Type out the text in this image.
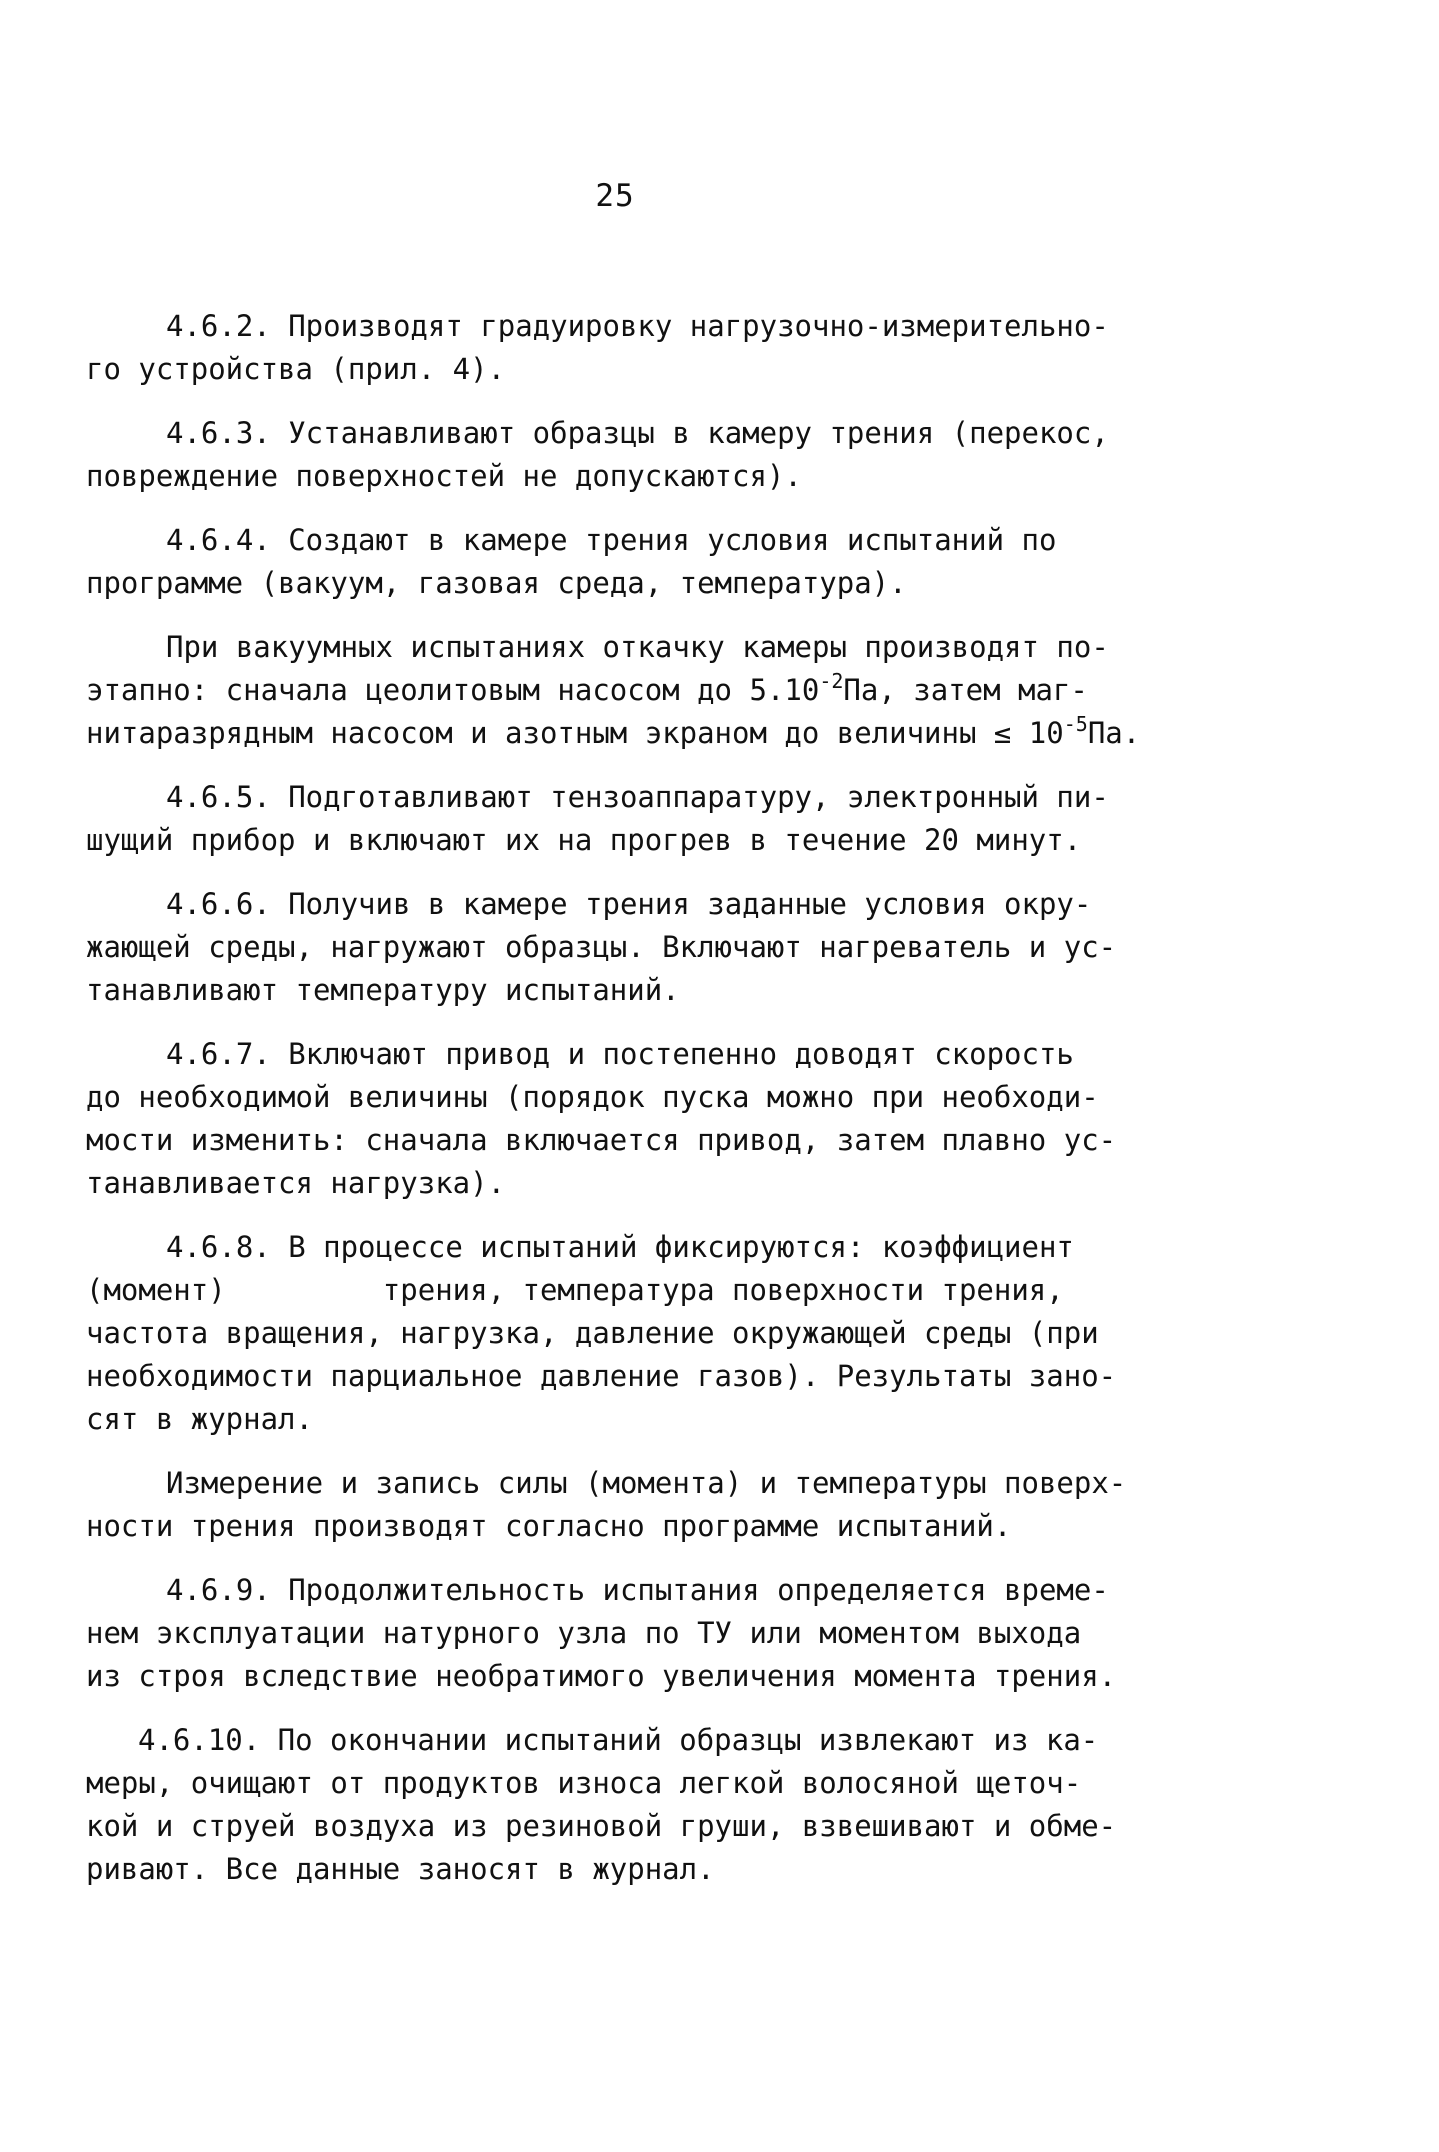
25

4.6.2. Производят градуировку нагрузочно-измерительно-
го устройства (прил. 4).

4.6.3. Устанавливают образцы в камеру трения (перекос,
повреждение поверхностей не допускаются).

4.6.4. Создают в камере трения условия испытаний по
программе (вакуум, газовая среда, температура).

При вакуумных испытаниях откачку камеры производят по-
этапно: сначала цеолитовым насосом до $5.10^{-2}Па$, затем маг-
нитаразрядным насосом и азотным экраном до величины ≤ $10^{-5}Па$.

4.6.5. Подготавливают тензоаппаратуру, электронный пи-
шущий прибор и включают их на прогрев в течение 20 минут.

4.6.6. Получив в камере трения заданные условия окру-
жающей среды, нагружают образцы. Включают нагреватель и ус-
танавливают температуру испытаний.

4.6.7. Включают привод и постепенно доводят скорость
до необходимой величины (порядок пуска можно при необходи-
мости изменить: сначала включается привод, затем плавно ус-
танавливается нагрузка).

4.6.8. В процессе испытаний фиксируются: коэффициент
(момент)         трения, температура поверхности трения,
частота вращения, нагрузка, давление окружающей среды (при
необходимости парциальное давление газов). Результаты зано-
сят в журнал.

Измерение и запись силы (момента) и температуры поверх-
ности трения производят согласно программе испытаний.

4.6.9. Продолжительность испытания определяется време-
нем эксплуатации натурного узла по ТУ или моментом выхода
из строя вследствие необратимого увеличения момента трения.

4.6.10. По окончании испытаний образцы извлекают из ка-
меры, очищают от продуктов износа легкой волосяной щеточ-
кой и струей воздуха из резиновой груши, взвешивают и обме-
ривают. Все данные заносят в журнал.
